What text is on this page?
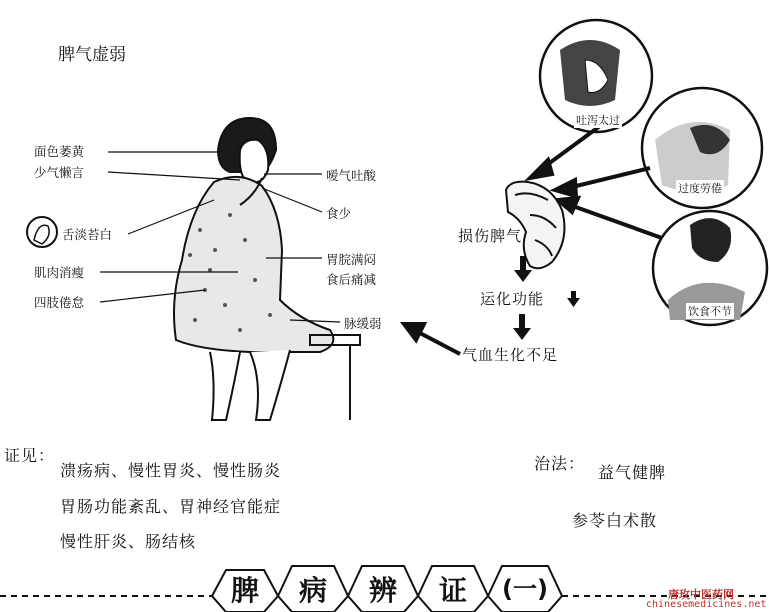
脾气虚弱
面色萎黄
少气懒言
舌淡苔白
肌肉消瘦
四肢倦怠
嗳气吐酸
食少
胃脘满闷
食后痛减
脉缓弱
吐泻太过
过度劳倦
饮食不节
损伤脾气
运化功能
气血生化不足
证见：
溃疡病、慢性胃炎、慢性肠炎
胃肠功能紊乱、胃神经官能症
慢性肝炎、肠结核
治法： 益气健脾
参苓白术散
脾	病	辨	证	(一)	唐玫中医药网
chinesemedicines.net
